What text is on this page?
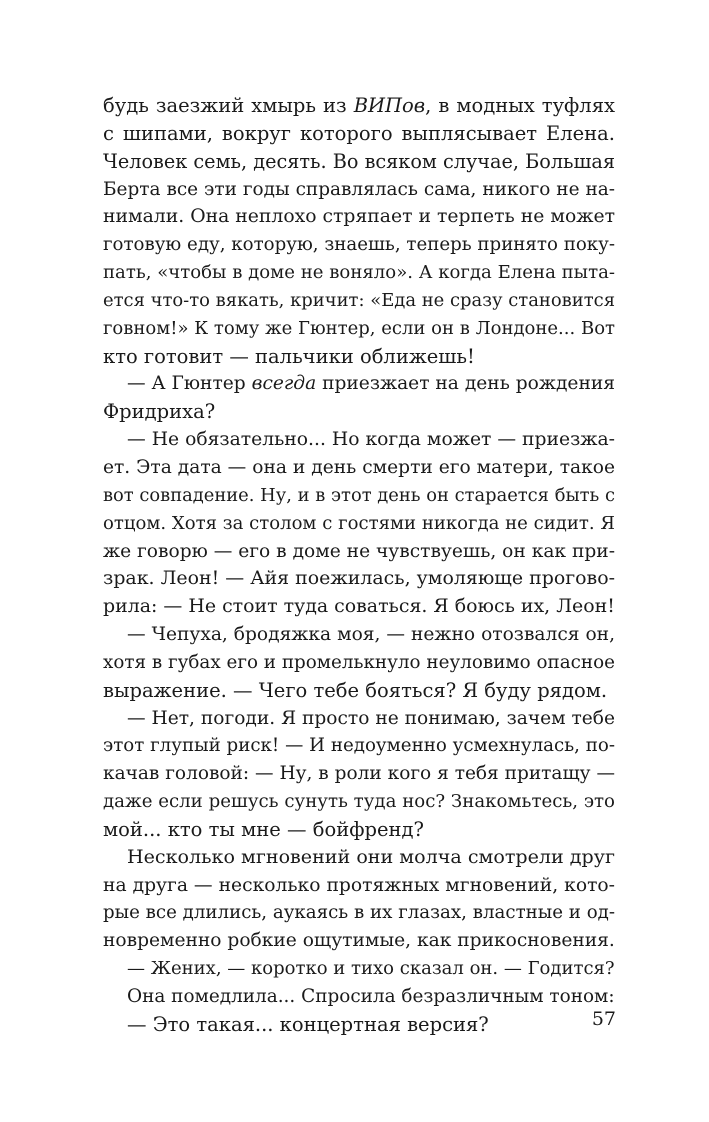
будь заезжий хмырь из ВИПов, в модных туфлях
с шипами, вокруг которого выплясывает Елена.
Человек семь, десять. Во всяком случае, Большая
Берта все эти годы справлялась сама, никого не на-
нимали. Она неплохо стряпает и терпеть не может
готовую еду, которую, знаешь, теперь принято поку-
пать, «чтобы в доме не воняло». А когда Елена пыта-
ется что-то вякать, кричит: «Еда не сразу становится
говном!» К тому же Гюнтер, если он в Лондоне... Вот
кто готовит — пальчики оближешь!
— А Гюнтер всегда приезжает на день рождения
Фридриха?
— Не обязательно... Но когда может — приезжа-
ет. Эта дата — она и день смерти его матери, такое
вот совпадение. Ну, и в этот день он старается быть с
отцом. Хотя за столом с гостями никогда не сидит. Я
же говорю — его в доме не чувствуешь, он как при-
зрак. Леон! — Айя поежилась, умоляюще проговo-
рила: — Не стоит туда соваться. Я боюсь их, Леон!
— Чепуха, бродяжка моя, — нежно отозвался он,
хотя в губах его и промелькнуло неуловимо опасное
выражение. — Чего тебе бояться? Я буду рядом.
— Нет, погоди. Я просто не понимаю, зачем тебе
этот глупый риск! — И недоуменно усмехнулась, по-
качав головой: — Ну, в роли кого я тебя притащу —
даже если решусь сунуть туда нос? Знакомьтесь, это
мой... кто ты мне — бойфренд?
Несколько мгновений они молча смотрели друг
на друга — несколько протяжных мгновений, кото-
рые все длились, аукаясь в их глазах, властные и од-
новременно робкие ощутимые, как прикосновения.
— Жених, — коротко и тихо сказал он. — Годится?
Она помедлила... Спросила безразличным тоном:
— Это такая... концертная версия?	57
